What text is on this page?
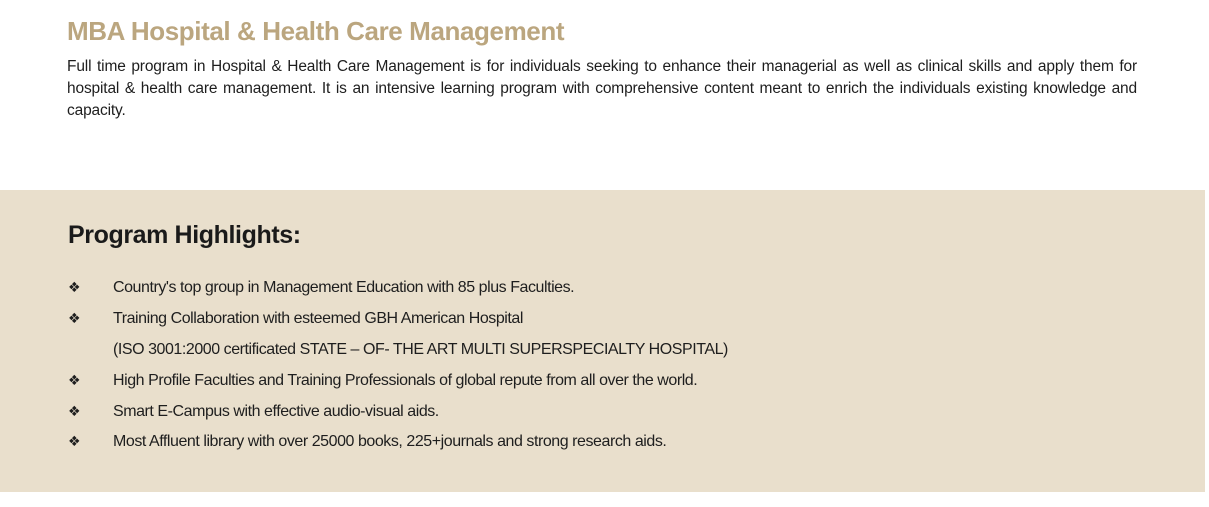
MBA Hospital & Health Care Management

Full time program in Hospital & Health Care Management is for individuals seeking to enhance their managerial as well as clinical skills and apply them for hospital & health care management. It is an intensive learning program with comprehensive content meant to enrich the individuals existing knowledge and capacity.

Program Highlights:
❖	Country's top group in Management Education with 85 plus Faculties.
❖	Training Collaboration with esteemed GBH American Hospital
(ISO 3001:2000 certificated STATE – OF- THE ART MULTI SUPERSPECIALTY HOSPITAL)
❖	High Profile Faculties and Training Professionals of global repute from all over the world.
❖	Smart E-Campus with effective audio-visual aids.
❖	Most Affluent library with over 25000 books, 225+journals and strong research aids.
